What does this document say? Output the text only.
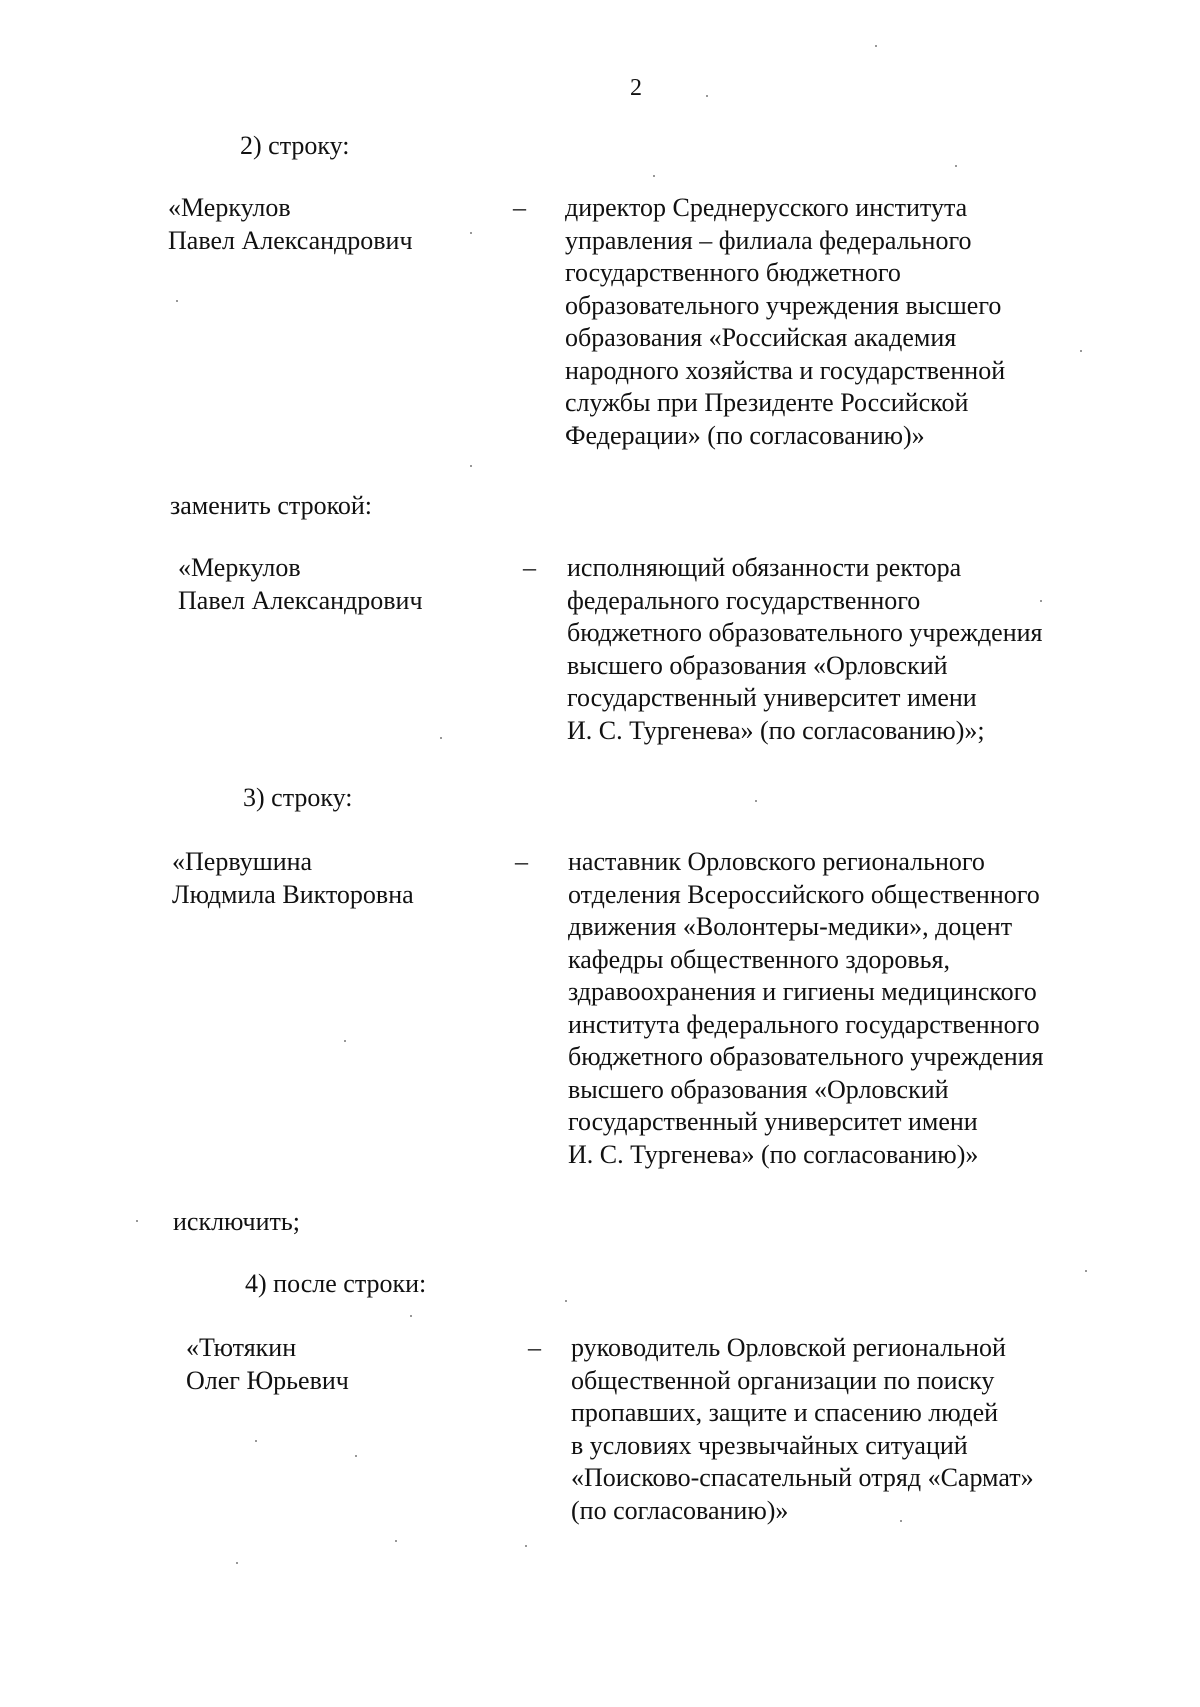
2
2) строку:
«Меркулов
Павел Александрович
– директор Среднерусского института
управления – филиала федерального
государственного бюджетного
образовательного учреждения высшего
образования «Российская академия
народного хозяйства и государственной
службы при Президенте Российской
Федерации» (по согласованию)»
заменить строкой:
«Меркулов
Павел Александрович
– исполняющий обязанности ректора
федерального государственного
бюджетного образовательного учреждения
высшего образования «Орловский
государственный университет имени
И. С. Тургенева» (по согласованию)»;
3) строку:
«Первушина
Людмила Викторовна
– наставник Орловского регионального
отделения Всероссийского общественного
движения «Волонтеры-медики», доцент
кафедры общественного здоровья,
здравоохранения и гигиены медицинского
института федерального государственного
бюджетного образовательного учреждения
высшего образования «Орловский
государственный университет имени
И. С. Тургенева» (по согласованию)»
исключить;
4) после строки:
«Тютякин
Олег Юрьевич
– руководитель Орловской региональной
общественной организации по поиску
пропавших, защите и спасению людей
в условиях чрезвычайных ситуаций
«Поисково-спасательный отряд «Сармат»
(по согласованию)»
